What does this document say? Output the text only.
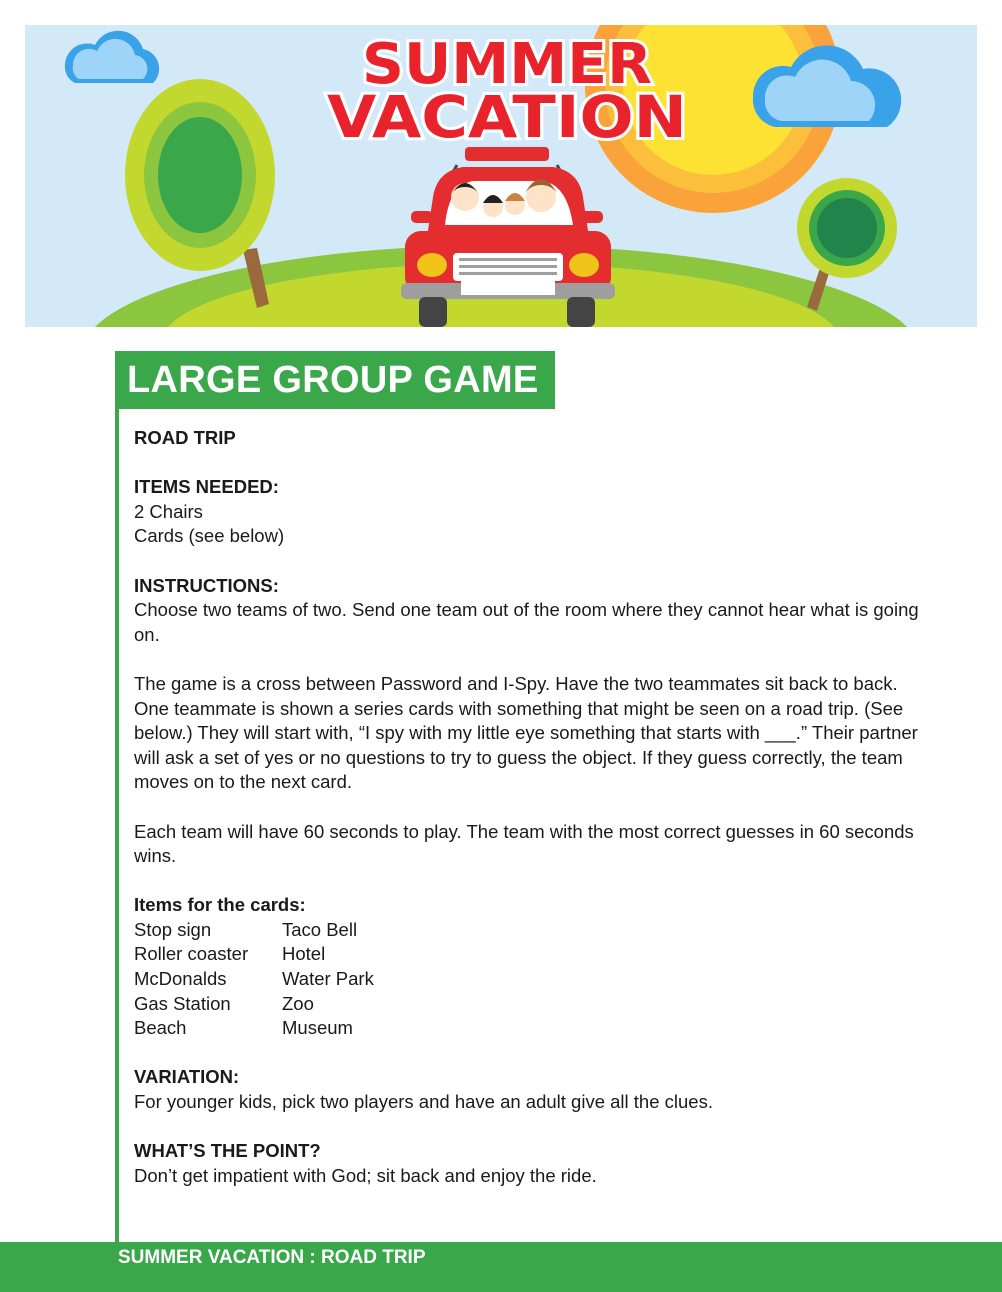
SUMMER
VACATION
LARGE GROUP GAME

ROAD TRIP

ITEMS NEEDED:
2 Chairs
Cards (see below)

INSTRUCTIONS:
Choose two teams of two. Send one team out of the room where they cannot hear what is going on.

The game is a cross between Password and I-Spy. Have the two teammates sit back to back. One teammate is shown a series cards with something that might be seen on a road trip. (See below.) They will start with, “I spy with my little eye something that starts with ___.” Their partner will ask a set of yes or no questions to try to guess the object. If they guess correctly, the team moves on to the next card.

Each team will have 60 seconds to play. The team with the most correct guesses in 60 seconds wins.

Items for the cards:
Stop sign	Taco Bell
Roller coaster	Hotel
McDonalds	Water Park
Gas Station	Zoo
Beach	Museum

VARIATION:
For younger kids, pick two players and have an adult give all the clues.

WHAT’S THE POINT?
Don’t get impatient with God; sit back and enjoy the ride.

SUMMER VACATION : ROAD TRIP
